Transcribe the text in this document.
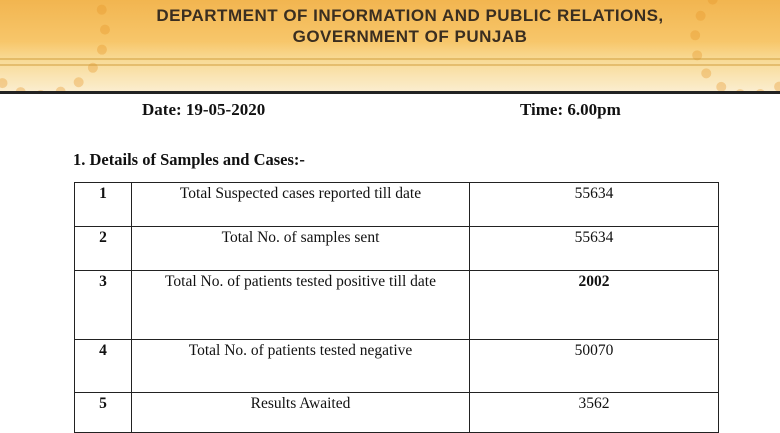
DEPARTMENT OF INFORMATION AND PUBLIC RELATIONS,
GOVERNMENT OF PUNJAB
Date: 19-05-2020	Time: 6.00pm
1. Details of Samples and Cases:-
1	Total Suspected cases reported till date	55634
2	Total No. of samples sent	55634
3	Total No. of patients tested positive till date	2002
4	Total No. of patients tested negative	50070
5	Results Awaited	3562
